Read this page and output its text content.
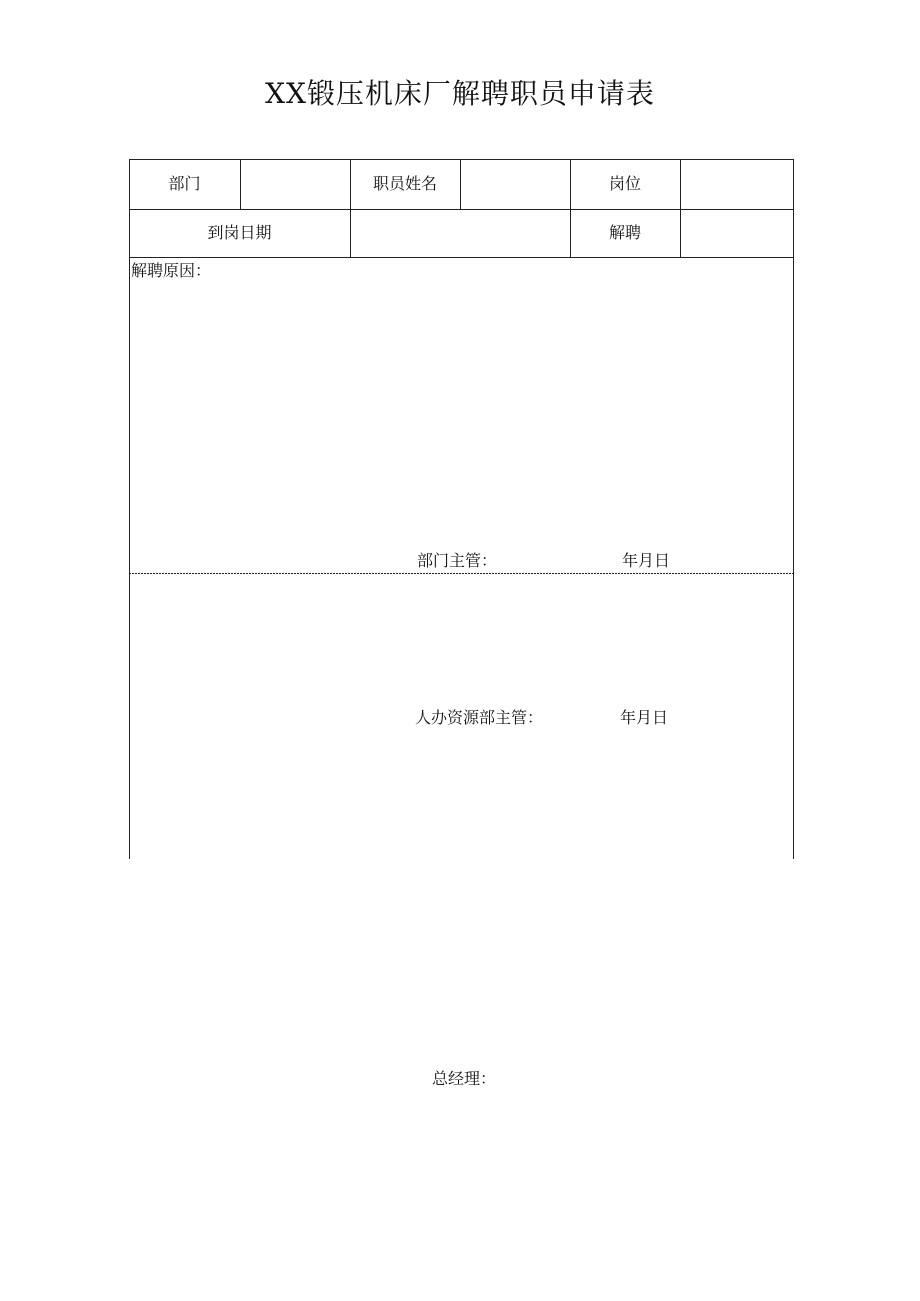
XX锻压机床厂解聘职员申请表
部门	职员姓名	岗位
到岗日期	解聘
解聘原因：
部门主管：	年月日
人办资源部主管：	年月日
总经理：
